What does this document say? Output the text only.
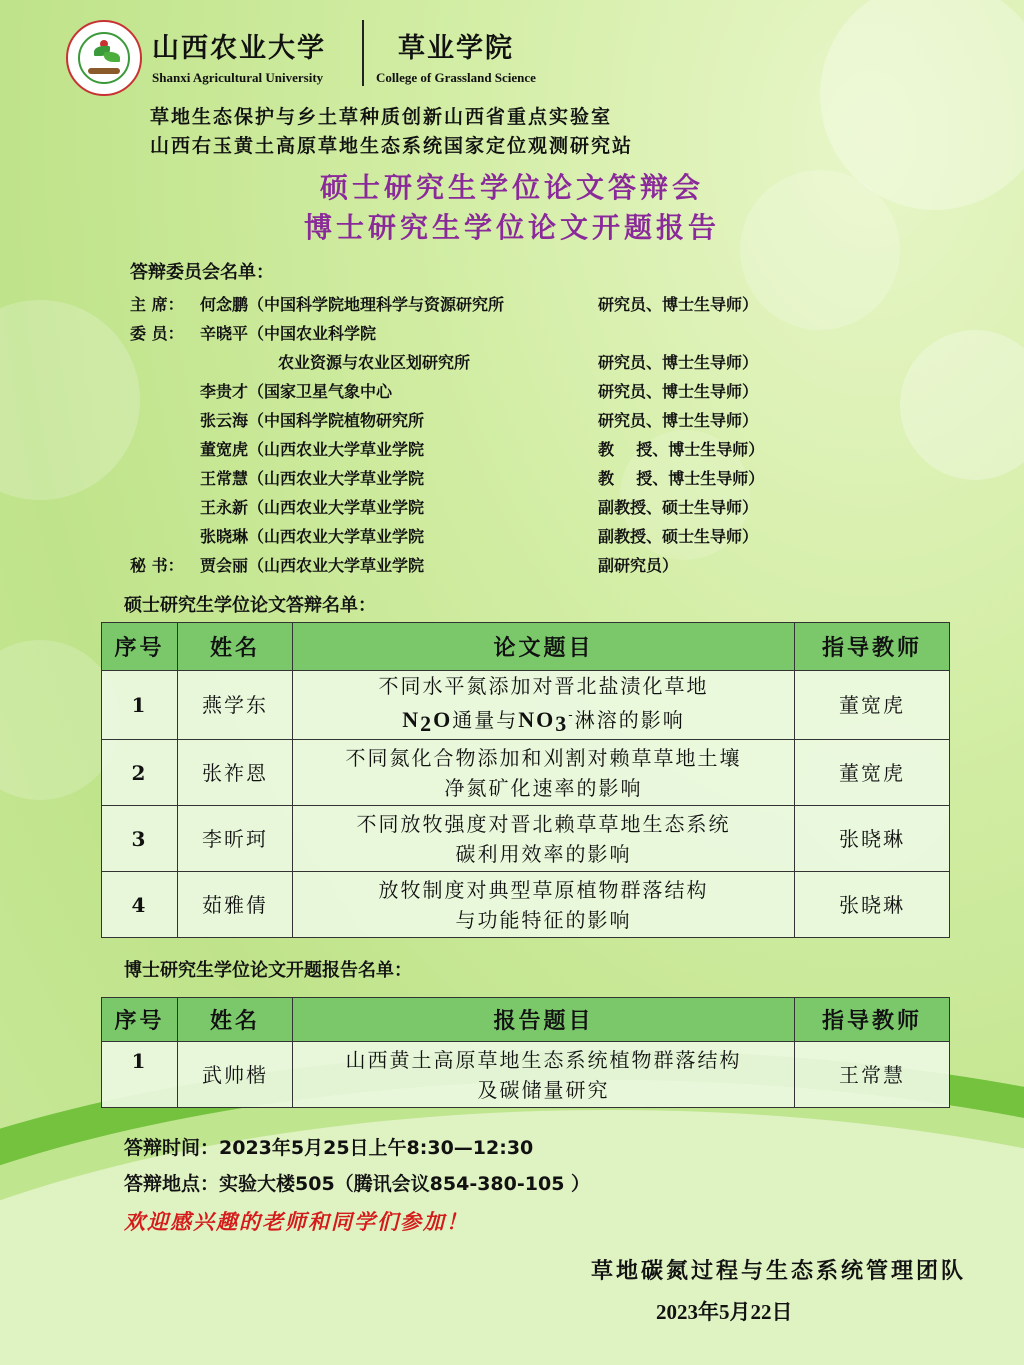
山西农业大学
Shanxi Agricultural University
草业学院
College of Grassland Science
草地生态保护与乡土草种质创新山西省重点实验室
山西右玉黄土高原草地生态系统国家定位观测研究站
硕士研究生学位论文答辩会
博士研究生学位论文开题报告
答辩委员会名单：
主 席： 何念鹏（中国科学院地理科学与资源研究所	研究员、博士生导师）
委 员： 辛晓平（中国农业科学院
农业资源与农业区划研究所	研究员、博士生导师）
李贵才（国家卫星气象中心	研究员、博士生导师）
张云海（中国科学院植物研究所	研究员、博士生导师）
董宽虎（山西农业大学草业学院	教    授、博士生导师）
王常慧（山西农业大学草业学院	教    授、博士生导师）
王永新（山西农业大学草业学院	副教授、硕士生导师）
张晓琳（山西农业大学草业学院	副教授、硕士生导师）
秘 书： 贾会丽（山西农业大学草业学院	副研究员）
硕士研究生学位论文答辩名单：
序号	姓名	论文题目	指导教师
1	燕学东	不同水平氮添加对晋北盐渍化草地
N2O通量与NO3-淋溶的影响	董宽虎
2	张祚恩	不同氮化合物添加和刈割对赖草草地土壤
净氮矿化速率的影响	董宽虎
3	李昕珂	不同放牧强度对晋北赖草草地生态系统
碳利用效率的影响	张晓琳
4	茹雅倩	放牧制度对典型草原植物群落结构
与功能特征的影响	张晓琳
博士研究生学位论文开题报告名单：
序号	姓名	报告题目	指导教师
1	武帅楷	山西黄土高原草地生态系统植物群落结构
及碳储量研究	王常慧
答辩时间：2023年5月25日上午8:30—12:30
答辩地点：实验大楼505（腾讯会议854-380-105 ）
欢迎感兴趣的老师和同学们参加！
草地碳氮过程与生态系统管理团队
2023年5月22日
